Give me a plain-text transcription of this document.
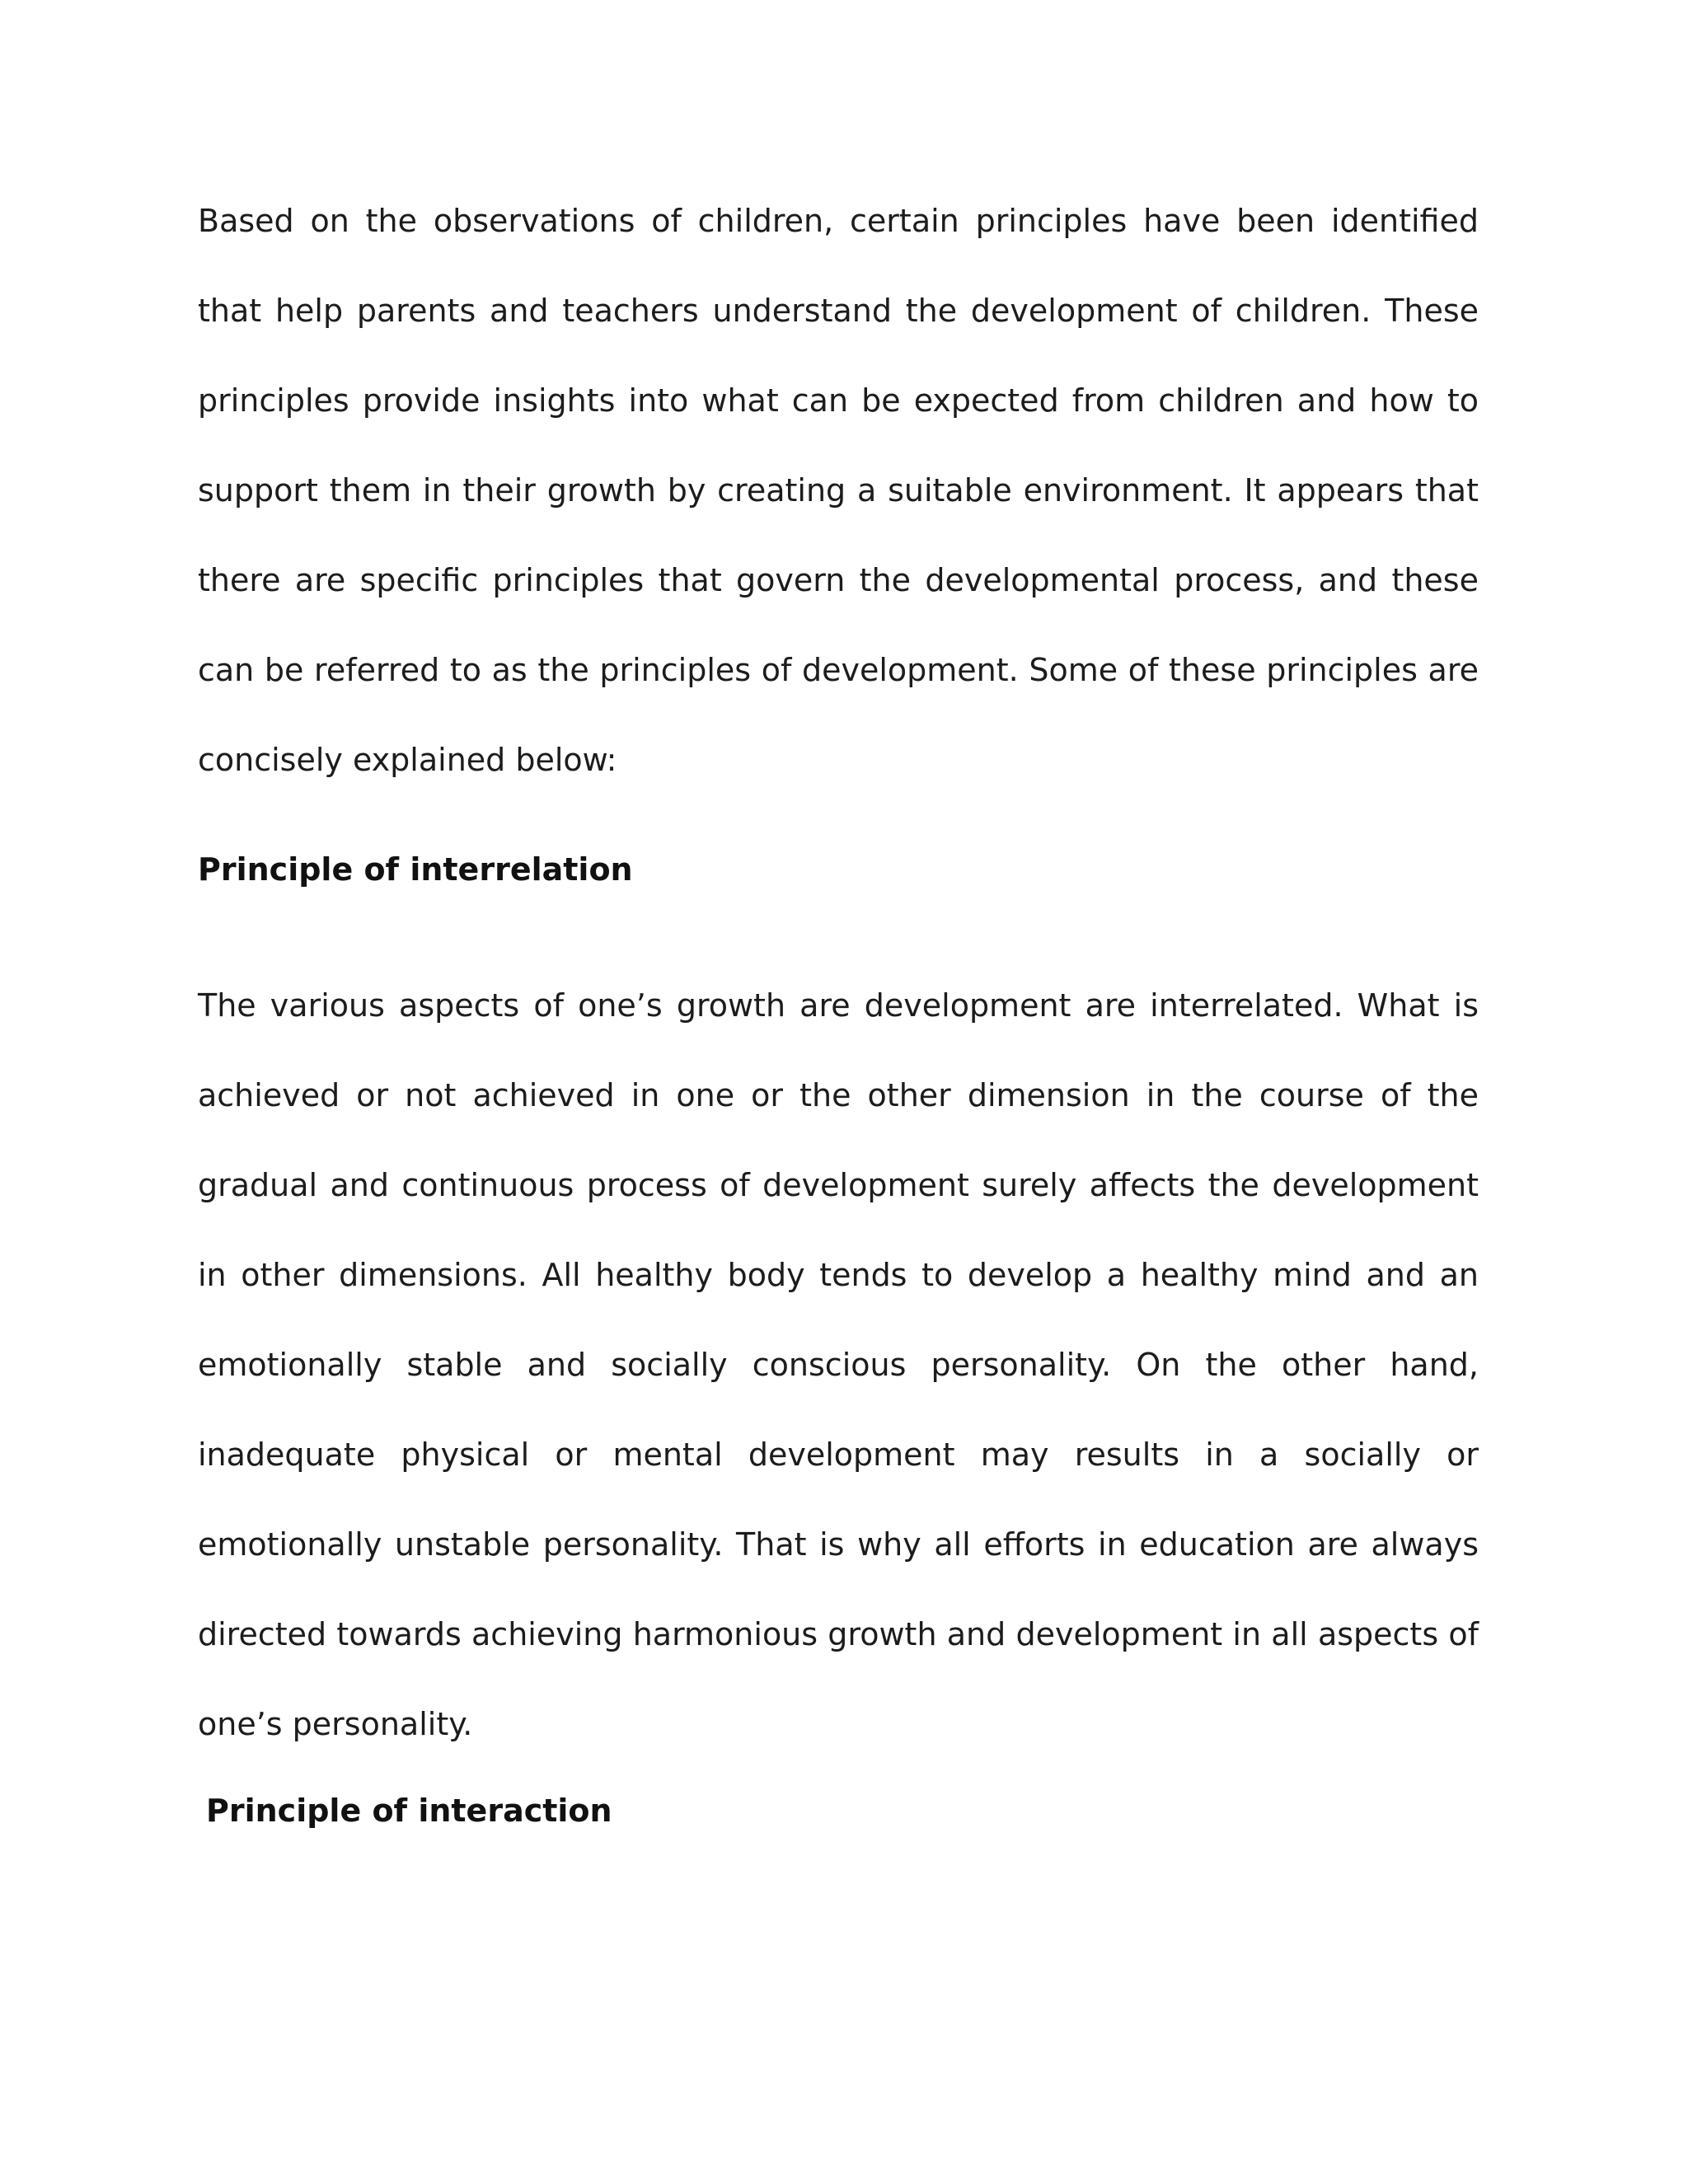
Based on the observations of children, certain principles have been identified that help parents and teachers understand the development of children. These principles provide insights into what can be expected from children and how to support them in their growth by creating a suitable environment. It appears that there are specific principles that govern the developmental process, and these can be referred to as the principles of development. Some of these principles are concisely explained below:

Principle of interrelation

The various aspects of one’s growth are development are interrelated. What is achieved or not achieved in one or the other dimension in the course of the gradual and continuous process of development surely affects the development in other dimensions. All healthy body tends to develop a healthy mind and an emotionally stable and socially conscious personality. On the other hand, inadequate physical or mental development may results in a socially or emotionally unstable personality. That is why all efforts in education are always directed towards achieving harmonious growth and development in all aspects of one’s personality.

Principle of interaction
